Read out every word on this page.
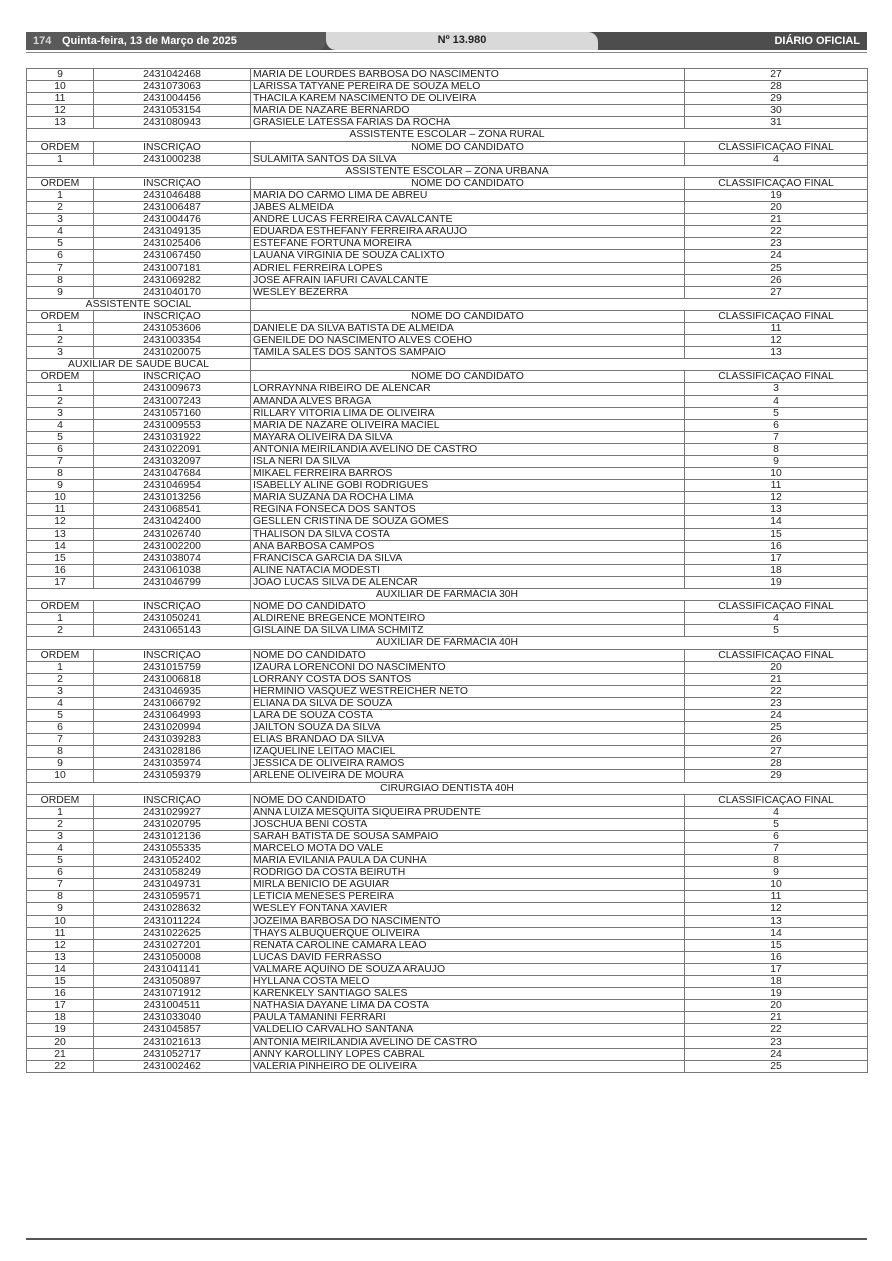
174 Quinta-feira, 13 de Março de 2025	Nº 13.980	DIÁRIO OFICIAL
9	2431042468	MARIA DE LOURDES BARBOSA DO NASCIMENTO	27
10	2431073063	LARISSA TATYANE PEREIRA DE SOUZA MELO	28
11	2431004456	THACILA KAREM NASCIMENTO DE OLIVEIRA	29
12	2431053154	MARIA DE NAZARÉ BERNARDO	30
13	2431080943	GRASIELE LATESSA FARIAS DA ROCHA	31
ASSISTENTE ESCOLAR – ZONA RURAL			
ORDEM	INSCRIÇÃO	NOME DO CANDIDATO	CLASSIFICAÇÃO FINAL
1	2431000238	SULAMITA SANTOS DA SILVA	4
ASSISTENTE ESCOLAR – ZONA URBANA			
ORDEM	INSCRIÇÃO	NOME DO CANDIDATO	CLASSIFICAÇÃO FINAL
1	2431046488	MARIA DO CARMO LIMA DE ABREU	19
2	2431006487	JABES ALMEIDA	20
3	2431004476	ANDRÉ LUCAS FERREIRA CAVALCANTE	21
4	2431049135	EDUARDA ESTHEFANY FERREIRA ARAÚJO	22
5	2431025406	ESTEFÂNE FORTUNA MOREIRA	23
6	2431067450	LAUANA VIRGINIA DE SOUZA CALIXTO	24
7	2431007181	ADRIEL FERREIRA LOPES	25
8	2431069282	JOSÉ AFRAIN IAFURI CAVALCANTE	26
9	2431040170	WESLEY BEZERRA	27
ASSISTENTE SOCIAL			
ORDEM	INSCRIÇÃO	NOME DO CANDIDATO	CLASSIFICAÇÃO FINAL
1	2431053606	DANIELE DA SILVA BATISTA DE ALMEIDA	11
2	2431003354	GENEILDE DO NASCIMENTO ALVES COEHO	12
3	2431020075	TAMILA SALES DOS SANTOS SAMPAIO	13
AUXILIAR DE SAUDE BUCAL			
ORDEM	INSCRIÇÃO	NOME DO CANDIDATO	CLASSIFICAÇÃO FINAL
1	2431009673	LORRAYNNA RIBEIRO DE ALENCAR	3
2	2431007243	AMANDA ALVES BRAGA	4
3	2431057160	RÍLLARY VITÓRIA LIMA DE OLIVEIRA	5
4	2431009553	MARIA DE NAZARÉ OLIVEIRA MACIEL	6
5	2431031922	MAYARA OLIVEIRA DA SILVA	7
6	2431022091	ANTONIA MEIRILANDIA AVELINO DE CASTRO	8
7	2431032097	ISLA NERI DA SILVA	9
8	2431047684	MIKAEL FERREIRA BARROS	10
9	2431046954	ISABELLY ALINE GOBI RODRIGUES	11
10	2431013256	MARIA SUZANA DA ROCHA LIMA	12
11	2431068541	REGINA FONSECA DOS SANTOS	13
12	2431042400	GESLLEN CRISTINA DE SOUZA GOMES	14
13	2431026740	THALISON DA SILVA COSTA	15
14	2431002200	ANA BARBOSA CAMPOS	16
15	2431038074	FRANCISCA GARCIA DA SILVA	17
16	2431061038	ALINE NATÁCIA MODESTI	18
17	2431046799	JOÃO LUCAS SILVA DE ALENCAR	19
AUXILIAR DE FARMÁCIA 30H			
ORDEM	INSCRIÇÃO	NOME DO CANDIDATO	CLASSIFICAÇÃO FINAL
1	2431050241	ALDIRENE BREGENCE MONTEIRO	4
2	2431065143	GISLAINE DA SILVA LIMA SCHMITZ	5
AUXILIAR DE FARMÁCIA 40H			
ORDEM	INSCRIÇÃO	NOME DO CANDIDATO	CLASSIFICAÇÃO FINAL
1	2431015759	IZAURA LORENCONI DO NASCIMENTO	20
2	2431006818	LORRANY COSTA DOS SANTOS	21
3	2431046935	HERMINIO VASQUEZ WESTREICHER NETO	22
4	2431066792	ELIANA DA SILVA DE SOUZA	23
5	2431064993	LARA DE SOUZA COSTA	24
6	2431020994	JAILTON SOUZA DA SILVA	25
7	2431039283	ELIAS BRANDAO DA SILVA	26
8	2431028186	IZAQUELINE LEITAO MACIEL	27
9	2431035974	JÉSSICA DE OLIVEIRA RAMOS	28
10	2431059379	ARLENE OLIVEIRA DE MOURA	29
CIRURGIÃO DENTISTA 40H			
ORDEM	INSCRIÇÃO	NOME DO CANDIDATO	CLASSIFICAÇÃO FINAL
1	2431029927	ANNA LUIZA MESQUITA SIQUEIRA PRUDENTE	4
2	2431020795	JOSCHUA BENI COSTA	5
3	2431012136	SARAH BATISTA DE SOUSA SAMPAIO	6
4	2431055335	MARCELO MOTA DO VALE	7
5	2431052402	MARIA EVILANIA PAULA DA CUNHA	8
6	2431058249	RODRIGO DA COSTA BEIRUTH	9
7	2431049731	MIRLA BENICIO DE AGUIAR	10
8	2431059571	LETÍCIA MENESES PEREIRA	11
9	2431028632	WESLEY FONTANA XAVIER	12
10	2431011224	JOZEIMA BARBOSA DO NASCIMENTO	13
11	2431022625	THAYS ALBUQUERQUE OLIVEIRA	14
12	2431027201	RENATA CAROLINE CÂMARA LEÃO	15
13	2431050008	LUCAS DAVID FERRASSO	16
14	2431041141	VALMARE AQUINO DE SOUZA ARAUJO	17
15	2431050897	HYLLANA COSTA MELO	18
16	2431071912	KARENKELY SANTIAGO SALES	19
17	2431004511	NATHASIA DAYANE LIMA DA COSTA	20
18	2431033040	PAULA TAMANINI FERRARI	21
19	2431045857	VALDELIO CARVALHO SANTANA	22
20	2431021613	ANTONIA MEIRILANDIA AVELINO DE CASTRO	23
21	2431052717	ANNY KAROLLINY LOPES CABRAL	24
22	2431002462	VALÉRIA PINHEIRO DE OLIVEIRA	25
